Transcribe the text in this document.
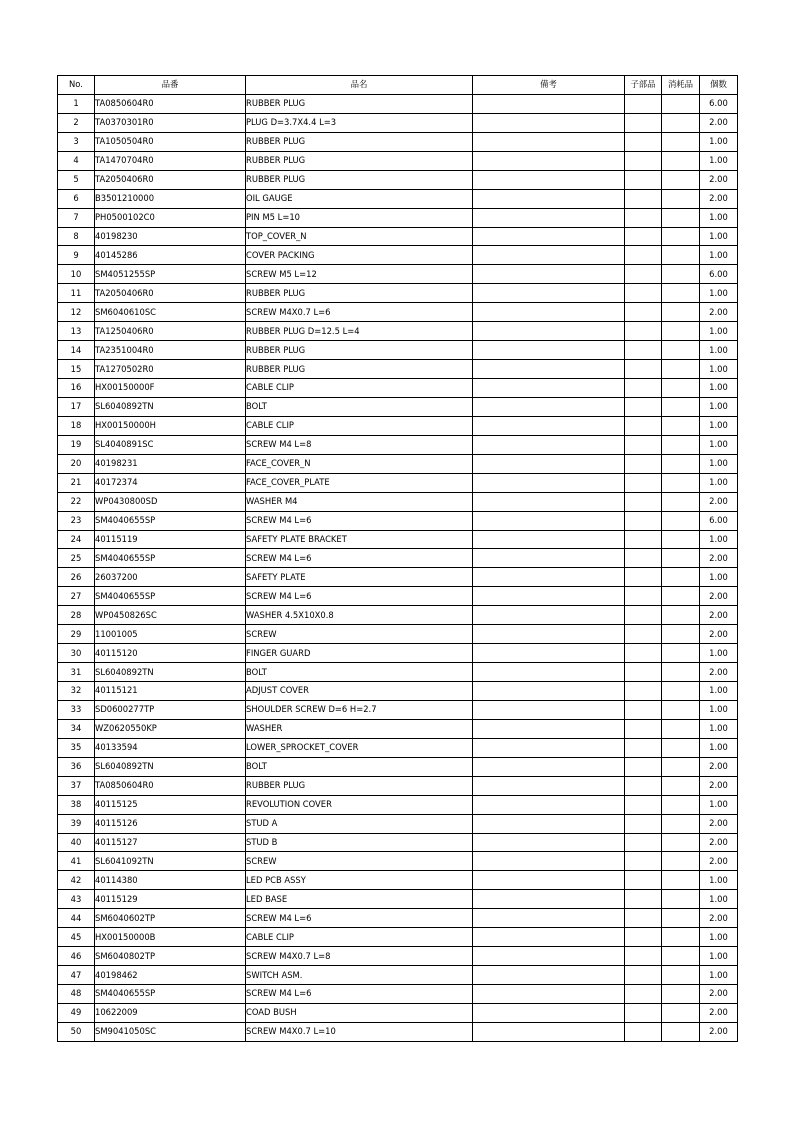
No.	品番	品名	備考	子部品	消耗品	個数
1	TA0850604R0	RUBBER PLUG				6.00
2	TA0370301R0	PLUG D=3.7X4.4 L=3				2.00
3	TA1050504R0	RUBBER PLUG				1.00
4	TA1470704R0	RUBBER PLUG				1.00
5	TA2050406R0	RUBBER PLUG				2.00
6	B3501210000	OIL GAUGE				2.00
7	PH0500102C0	PIN M5 L=10				1.00
8	40198230	TOP_COVER_N				1.00
9	40145286	COVER PACKING				1.00
10	SM4051255SP	SCREW M5 L=12				6.00
11	TA2050406R0	RUBBER PLUG				1.00
12	SM6040610SC	SCREW M4X0.7 L=6				2.00
13	TA1250406R0	RUBBER PLUG D=12.5 L=4				1.00
14	TA2351004R0	RUBBER PLUG				1.00
15	TA1270502R0	RUBBER PLUG				1.00
16	HX00150000F	CABLE CLIP				1.00
17	SL6040892TN	BOLT				1.00
18	HX00150000H	CABLE CLIP				1.00
19	SL4040891SC	SCREW M4 L=8				1.00
20	40198231	FACE_COVER_N				1.00
21	40172374	FACE_COVER_PLATE				1.00
22	WP0430800SD	WASHER M4				2.00
23	SM4040655SP	SCREW M4 L=6				6.00
24	40115119	SAFETY PLATE BRACKET				1.00
25	SM4040655SP	SCREW M4 L=6				2.00
26	26037200	SAFETY PLATE				1.00
27	SM4040655SP	SCREW M4 L=6				2.00
28	WP0450826SC	WASHER 4.5X10X0.8				2.00
29	11001005	SCREW				2.00
30	40115120	FINGER GUARD				1.00
31	SL6040892TN	BOLT				2.00
32	40115121	ADJUST COVER				1.00
33	SD0600277TP	SHOULDER SCREW D=6 H=2.7				1.00
34	WZ0620550KP	WASHER				1.00
35	40133594	LOWER_SPROCKET_COVER				1.00
36	SL6040892TN	BOLT				2.00
37	TA0850604R0	RUBBER PLUG				2.00
38	40115125	REVOLUTION COVER				1.00
39	40115126	STUD A				2.00
40	40115127	STUD B				2.00
41	SL6041092TN	SCREW				2.00
42	40114380	LED PCB ASSY				1.00
43	40115129	LED BASE				1.00
44	SM6040602TP	SCREW M4 L=6				2.00
45	HX00150000B	CABLE CLIP				1.00
46	SM6040802TP	SCREW M4X0.7 L=8				1.00
47	40198462	SWITCH ASM.				1.00
48	SM4040655SP	SCREW M4 L=6				2.00
49	10622009	COAD BUSH				2.00
50	SM9041050SC	SCREW M4X0.7 L=10				2.00
